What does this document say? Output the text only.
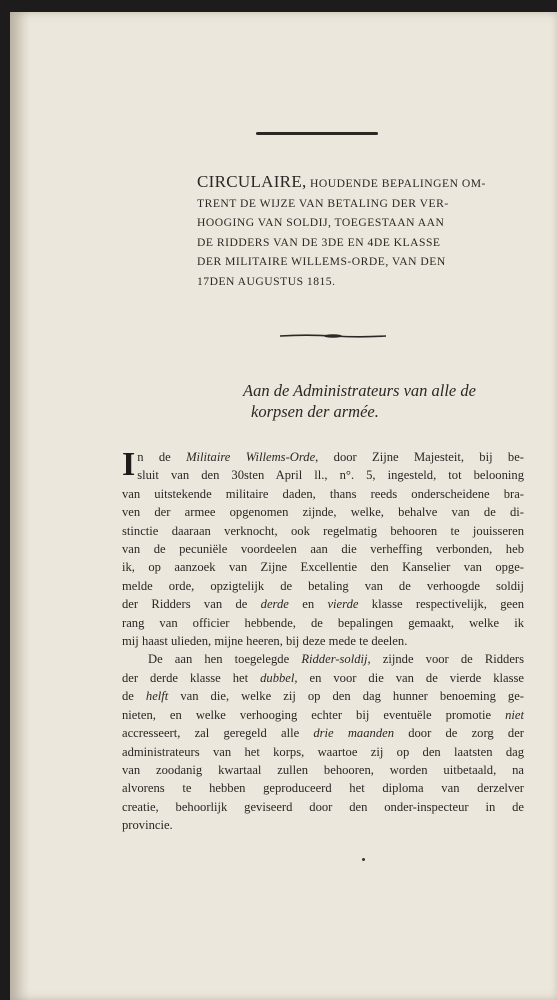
CIRCULAIRE, HOUDENDE BEPALINGEN OM-
TRENT DE WIJZE VAN BETALING DER VER-
HOOGING VAN SOLDIJ, TOEGESTAAN AAN
DE RIDDERS VAN DE 3DE EN 4DE KLASSE
DER MILITAIRE WILLEMS-ORDE, VAN DEN
17DEN AUGUSTUS 1815.
Aan de Administrateurs van alle de
korpsen der armée.
I n de Militaire Willems-Orde, door Zijne Majesteit, bij be-
sluit van den 30sten April ll., n°. 5, ingesteld, tot belooning
van uitstekende militaire daden, thans reeds onderscheidene bra-
ven der armee opgenomen zijnde, welke, behalve van de di-
stinctie daaraan verknocht, ook regelmatig behooren te jouisseren
van de pecuniële voordeelen aan die verheffing verbonden, heb
ik, op aanzoek van Zijne Excellentie den Kanselier van opge-
melde orde, opzigtelijk de betaling van de verhoogde soldij
der Ridders van de derde en vierde klasse respectivelijk, geen
rang van officier hebbende, de bepalingen gemaakt, welke ik
mij haast ulieden, mijne heeren, bij deze mede te deelen.
De aan hen toegelegde Ridder-soldij, zijnde voor de Ridders
der derde klasse het dubbel, en voor die van de vierde klasse
de helft van die, welke zij op den dag hunner benoeming ge-
nieten, en welke verhooging echter bij eventuële promotie niet
accresseert, zal geregeld alle drie maanden door de zorg der
administrateurs van het korps, waartoe zij op den laatsten dag
van zoodanig kwartaal zullen behooren, worden uitbetaald, na
alvorens te hebben geproduceerd het diploma van derzelver
creatie, behoorlijk geviseerd door den onder-inspecteur in de
provincie.
